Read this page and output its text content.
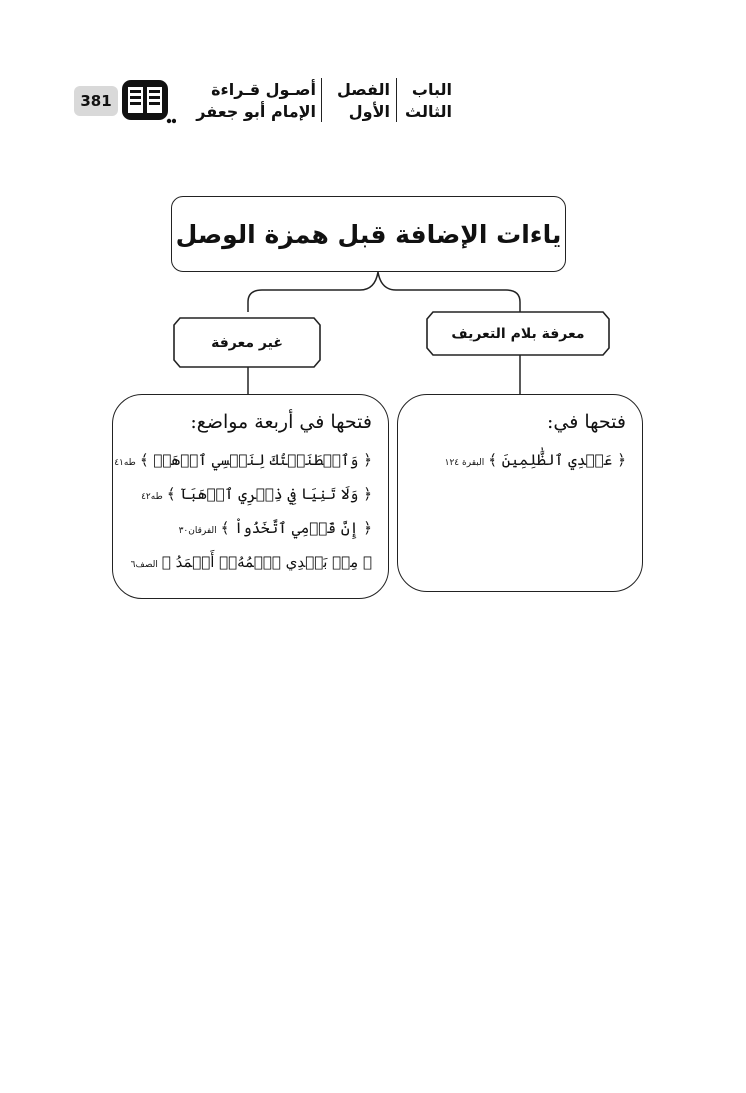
381
أصـول قـراءة
الإمام أبو جعفر
الفصل
الأول
الباب
الثالث
ياءات الإضافة قبل همزة الوصل
غير معرفة
معرفة بلام التعريف
فتحها في أربعة مواضع:
﴿ وَٱصۡطَنَعۡتُكَ لِنَفۡسِي ٱذۡهَبۡ ﴾طه٤١
﴿ وَلَا تَنِيَا فِي ذِكۡرِي ٱذۡهَبَآ ﴾طه٤٢
﴿ إِنَّ قَوۡمِي ٱتَّخَذُواْ ﴾الفرقان٣٠
﴿ مِنۢ بَعۡدِي ٱسۡمُهُۥٓ أَحۡمَدُ ﴾الصف٦
فتحها في:
﴿ عَهۡدِي ٱلظَّٰلِمِينَ ﴾البقرة ١٢٤
